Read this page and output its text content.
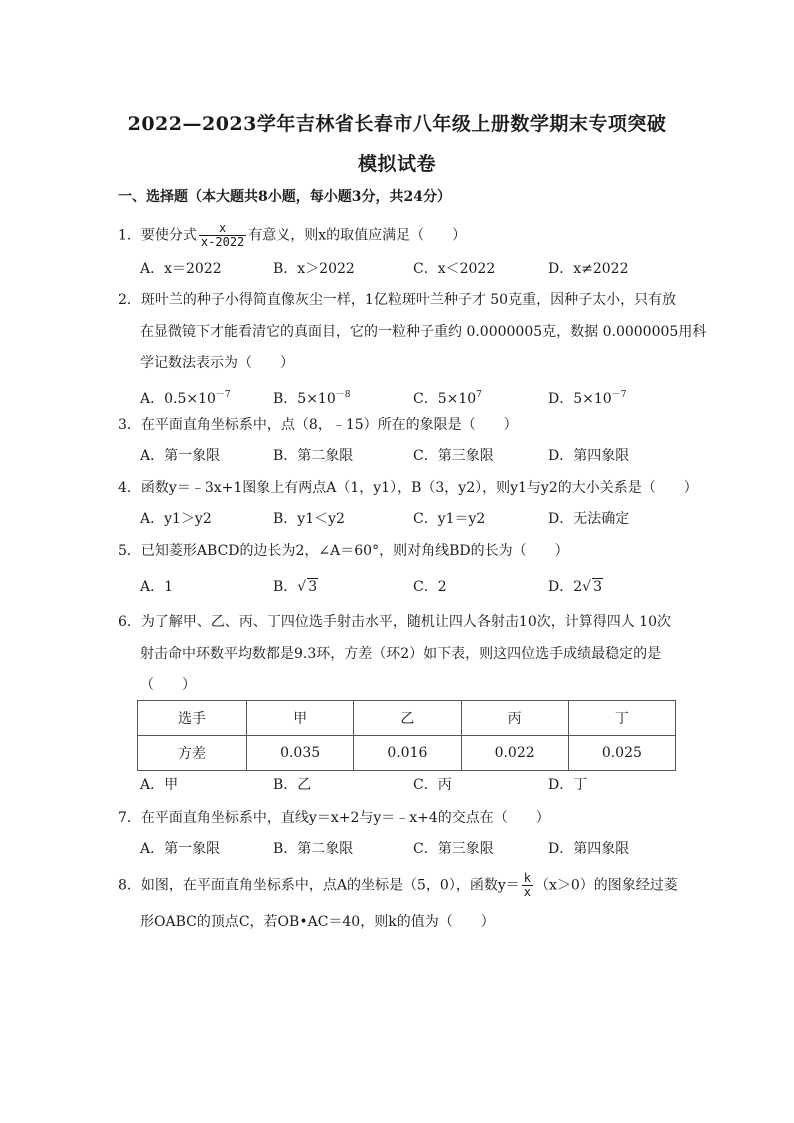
2022—2023学年吉林省长春市八年级上册数学期末专项突破
模拟试卷
一、选择题（本大题共8小题，每小题3分，共24分）
1．要使分式 $\frac{x}{x-2022}$ 有意义，则x的取值应满足（　　）
A．x＝2022	B．x＞2022	C．x＜2022	D．x≠2022
2．斑叶兰的种子小得简直像灰尘一样，1亿粒斑叶兰种子才 50克重，因种子太小，只有放
在显微镜下才能看清它的真面目，它的一粒种子重约 0.0000005克，数据 0.0000005用科
学记数法表示为（　　）
A．$0.5\times 10^{-7}$	B．$5\times 10^{-8}$	C．$5\times 10^7$	D．$5\times 10^{-7}$
3．在平面直角坐标系中，点（8，﹣15）所在的象限是（　　）
A．第一象限	B．第二象限	C．第三象限	D．第四象限
4．函数y＝﹣3x+1图象上有两点A（1，y1），B（3，y2），则y1与y2的大小关系是（　　）
A．y1＞y2	B．y1＜y2	C．y1＝y2	D．无法确定
5．已知菱形ABCD的边长为2，∠A＝60°，则对角线BD的长为（　　）
A．1	B．√ 3	C．2	D．2√ 3
6．为了解甲、乙、丙、丁四位选手射击水平，随机让四人各射击10次，计算得四人 10次
射击命中环数平均数都是9.3环，方差（环2）如下表，则这四位选手成绩最稳定的是
（　　）
选手	甲	乙	丙	丁
方差	0.035	0.016	0.022	0.025
A．甲	B．乙	C．丙	D．丁
7．在平面直角坐标系中，直线y＝x+2与y＝﹣x+4的交点在（　　）
A．第一象限	B．第二象限	C．第三象限	D．第四象限
8．如图，在平面直角坐标系中，点A的坐标是（5，0），函数$y= \frac{k}{x} (x>0)$的图象经过菱
形OABC的顶点C，若OB•AC＝40，则k的值为（　　）
